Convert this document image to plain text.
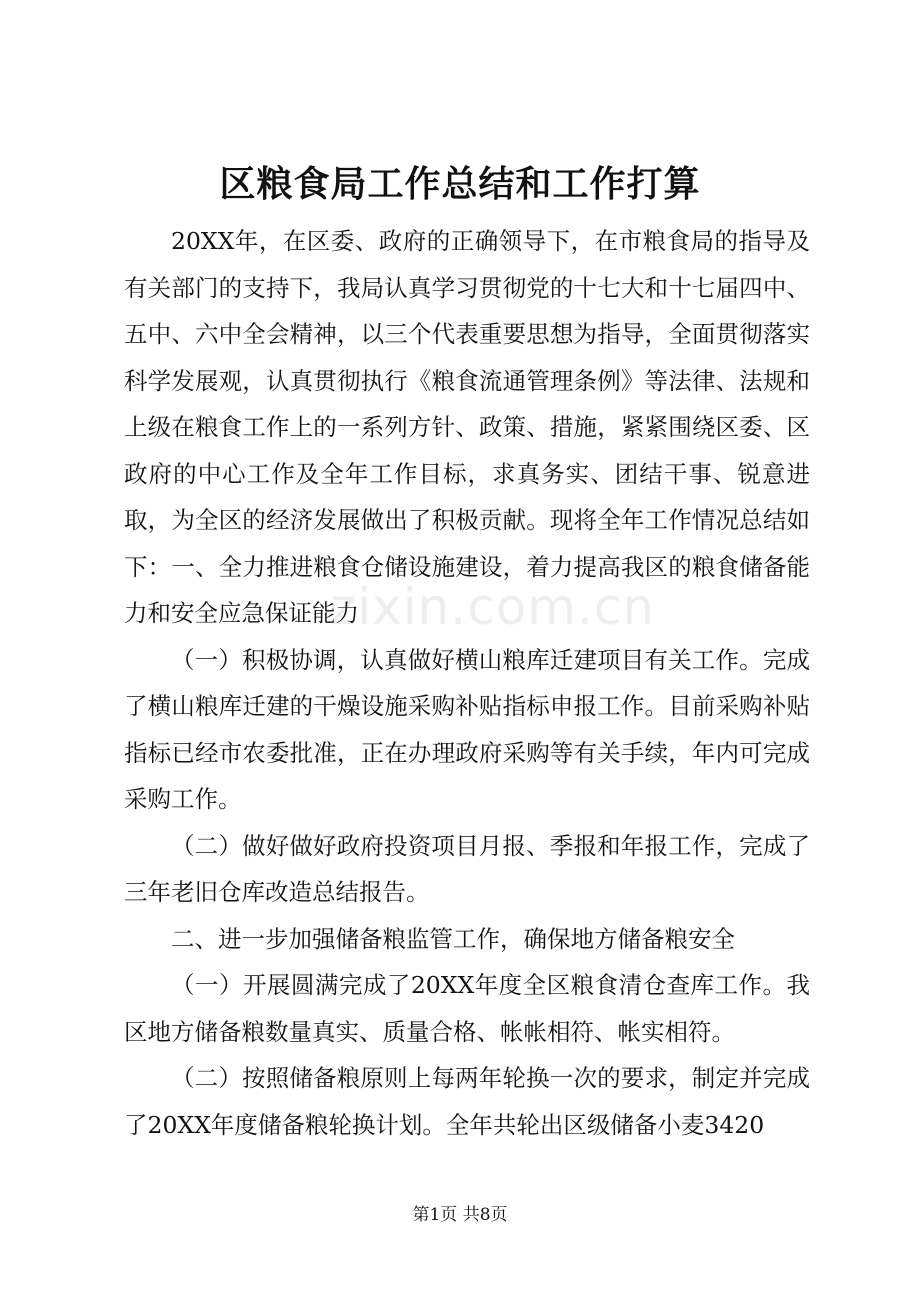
区粮食局工作总结和工作打算

20XX年，在区委、政府的正确领导下，在市粮食局的指导及有关部门的支持下，我局认真学习贯彻党的十七大和十七届四中、五中、六中全会精神，以三个代表重要思想为指导，全面贯彻落实科学发展观，认真贯彻执行《粮食流通管理条例》等法律、法规和上级在粮食工作上的一系列方针、政策、措施，紧紧围绕区委、区政府的中心工作及全年工作目标，求真务实、团结干事、锐意进取，为全区的经济发展做出了积极贡献。现将全年工作情况总结如下：一、全力推进粮食仓储设施建设，着力提高我区的粮食储备能力和安全应急保证能力

（一）积极协调，认真做好横山粮库迁建项目有关工作。完成了横山粮库迁建的干燥设施采购补贴指标申报工作。目前采购补贴指标已经市农委批准，正在办理政府采购等有关手续，年内可完成采购工作。

（二）做好做好政府投资项目月报、季报和年报工作，完成了三年老旧仓库改造总结报告。

二、进一步加强储备粮监管工作，确保地方储备粮安全

（一）开展圆满完成了20XX年度全区粮食清仓查库工作。我区地方储备粮数量真实、质量合格、帐帐相符、帐实相符。

（二）按照储备粮原则上每两年轮换一次的要求，制定并完成了20XX年度储备粮轮换计划。全年共轮出区级储备小麦3420

zixin.com.cn
第1页 共8页
